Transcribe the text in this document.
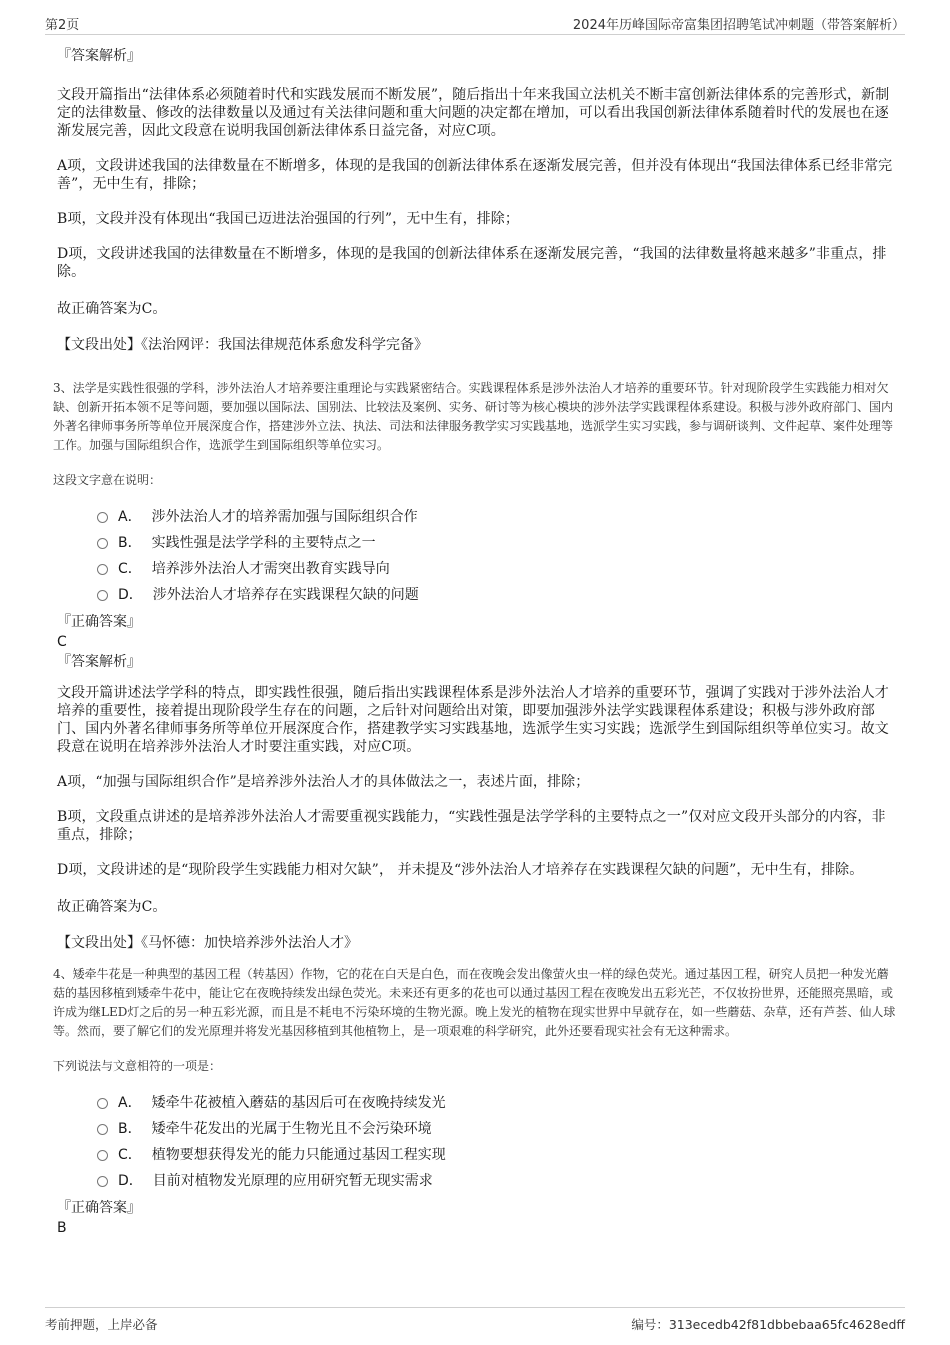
第2页	2024年历峰国际帝富集团招聘笔试冲刺题（带答案解析）

『答案解析』

文段开篇指出“法律体系必须随着时代和实践发展而不断发展”，随后指出十年来我国立法机关不断丰富创新法律体系的完善形式，新制定的法律数量、修改的法律数量以及通过有关法律问题和重大问题的决定都在增加，可以看出我国创新法律体系随着时代的发展也在逐渐发展完善，因此文段意在说明我国创新法律体系日益完备，对应C项。

A项，文段讲述我国的法律数量在不断增多，体现的是我国的创新法律体系在逐渐发展完善，但并没有体现出“我国法律体系已经非常完善”，无中生有，排除；

B项，文段并没有体现出“我国已迈进法治强国的行列”，无中生有，排除；

D项，文段讲述我国的法律数量在不断增多，体现的是我国的创新法律体系在逐渐发展完善，“我国的法律数量将越来越多”非重点，排除。

故正确答案为C。

【文段出处】《法治网评：我国法律规范体系愈发科学完备》

3、法学是实践性很强的学科，涉外法治人才培养要注重理论与实践紧密结合。实践课程体系是涉外法治人才培养的重要环节。针对现阶段学生实践能力相对欠缺、创新开拓本领不足等问题，要加强以国际法、国别法、比较法及案例、实务、研讨等为核心模块的涉外法学实践课程体系建设。积极与涉外政府部门、国内外著名律师事务所等单位开展深度合作，搭建涉外立法、执法、司法和法律服务教学实习实践基地，选派学生实习实践，参与调研谈判、文件起草、案件处理等工作。加强与国际组织合作，选派学生到国际组织等单位实习。

这段文字意在说明：

A． 涉外法治人才的培养需加强与国际组织合作
B． 实践性强是法学学科的主要特点之一
C． 培养涉外法治人才需突出教育实践导向
D． 涉外法治人才培养存在实践课程欠缺的问题

『正确答案』

C

『答案解析』

文段开篇讲述法学学科的特点，即实践性很强，随后指出实践课程体系是涉外法治人才培养的重要环节，强调了实践对于涉外法治人才培养的重要性，接着提出现阶段学生存在的问题，之后针对问题给出对策，即要加强涉外法学实践课程体系建设；积极与涉外政府部门、国内外著名律师事务所等单位开展深度合作，搭建教学实习实践基地，选派学生实习实践；选派学生到国际组织等单位实习。故文段意在说明在培养涉外法治人才时要注重实践，对应C项。

A项，“加强与国际组织合作”是培养涉外法治人才的具体做法之一，表述片面，排除；

B项，文段重点讲述的是培养涉外法治人才需要重视实践能力，“实践性强是法学学科的主要特点之一”仅对应文段开头部分的内容，非重点，排除；

D项，文段讲述的是“现阶段学生实践能力相对欠缺”， 并未提及“涉外法治人才培养存在实践课程欠缺的问题”，无中生有，排除。

故正确答案为C。

【文段出处】《马怀德：加快培养涉外法治人才》

4、矮牵牛花是一种典型的基因工程（转基因）作物，它的花在白天是白色，而在夜晚会发出像萤火虫一样的绿色荧光。通过基因工程，研究人员把一种发光蘑菇的基因移植到矮牵牛花中，能让它在夜晚持续发出绿色荧光。未来还有更多的花也可以通过基因工程在夜晚发出五彩光芒，不仅妆扮世界，还能照亮黑暗，或许成为继LED灯之后的另一种五彩光源，而且是不耗电不污染环境的生物光源。晚上发光的植物在现实世界中早就存在，如一些蘑菇、杂草，还有芦荟、仙人球等。然而，要了解它们的发光原理并将发光基因移植到其他植物上，是一项艰难的科学研究，此外还要看现实社会有无这种需求。

下列说法与文意相符的一项是：

A． 矮牵牛花被植入蘑菇的基因后可在夜晚持续发光
B． 矮牵牛花发出的光属于生物光且不会污染环境
C． 植物要想获得发光的能力只能通过基因工程实现
D． 目前对植物发光原理的应用研究暂无现实需求

『正确答案』

B

考前押题，上岸必备	编号：313ecedb42f81dbbebaa65fc4628edff
